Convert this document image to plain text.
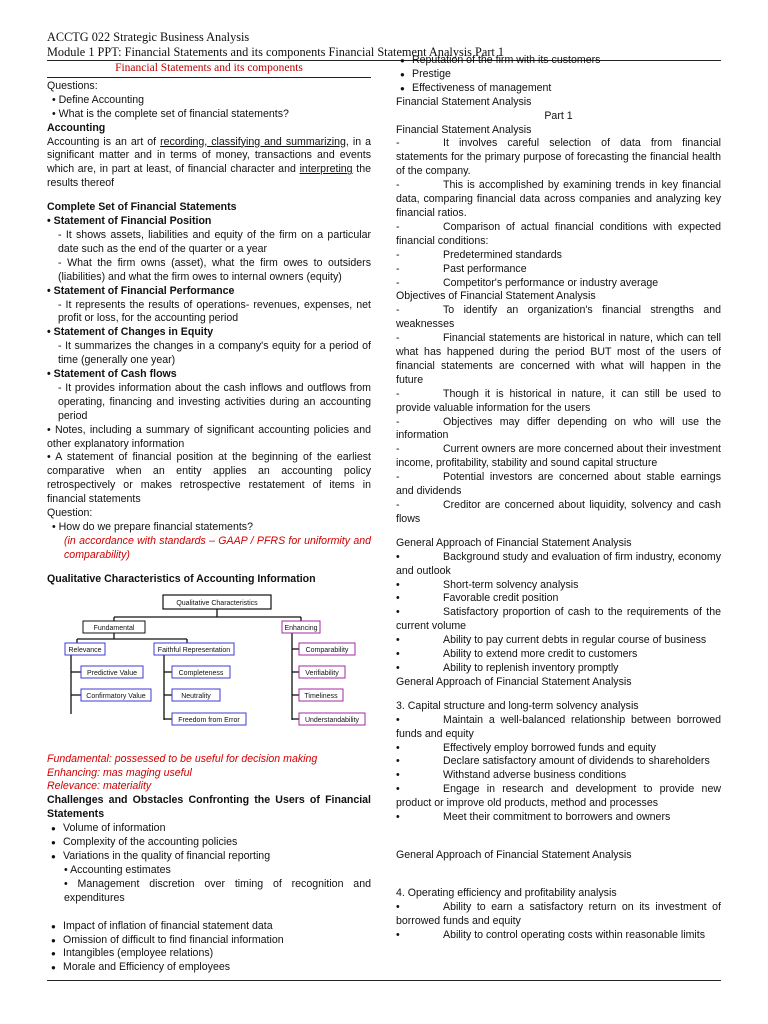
ACCTG 022 Strategic Business Analysis
Module 1 PPT: Financial Statements and its components Financial Statement Analysis Part 1
Financial Statements and its components
Questions:
• Define Accounting
• What is the complete set of financial statements?
Accounting
Accounting is an art of recording, classifying and summarizing, in a significant matter and in terms of money, transactions and events which are, in part at least, of financial character and interpreting the results thereof
Complete Set of Financial Statements
• Statement of Financial Position
- It shows assets, liabilities and equity of the firm on a particular date such as the end of the quarter or a year
- What the firm owns (asset), what the firm owes to outsiders (liabilities) and what the firm owes to internal owners (equity)
• Statement of Financial Performance
- It represents the results of operations- revenues, expenses, net profit or loss, for the accounting period
• Statement of Changes in Equity
- It summarizes the changes in a company's equity for a period of time (generally one year)
• Statement of Cash flows
- It provides information about the cash inflows and outflows from operating, financing and investing activities during an accounting period
• Notes, including a summary of significant accounting policies and other explanatory information
• A statement of financial position at the beginning of the earliest comparative when an entity applies an accounting policy retrospectively or makes retrospective restatement of items in financial statements
Question:
• How do we prepare financial statements?
(in accordance with standards – GAAP / PFRS for uniformity and comparability)
Qualitative Characteristics of Accounting Information
Qualitative Characteristics
Fundamental	Enhancing
Relevance	Faithful Representation
Predictive Value
Confirmatory Value
Completeness
Neutrality
Freedom from Error
Comparability
Verifiability
Timeliness
Understandability
Fundamental: possessed to be useful for decision making
Enhancing: mas maging useful
Relevance: materiality
Challenges and Obstacles Confronting the Users of Financial Statements
● Volume of information
● Complexity of the accounting policies
● Variations in the quality of financial reporting
• Accounting estimates
• Management discretion over timing of recognition and expenditures
● Impact of inflation of financial statement data
● Omission of difficult to find financial information
● Intangibles (employee relations)
● Morale and Efficiency of employees
● Reputation of the firm with its customers
● Prestige
● Effectiveness of management
Financial Statement Analysis
Part 1
Financial Statement Analysis
-	It involves careful selection of data from financial statements for the primary purpose of forecasting the financial health of the company.
-	This is accomplished by examining trends in key financial data, comparing financial data across companies and analyzing key financial ratios.
-	Comparison of actual financial conditions with expected financial conditions:
-	Predetermined standards
-	Past performance
-	Competitor's performance or industry average
Objectives of Financial Statement Analysis
-	To identify an organization's financial strengths and weaknesses
-	Financial statements are historical in nature, which can tell what has happened during the period BUT most of the users of financial statements are concerned with what will happen in the future
-	Though it is historical in nature, it can still be used to provide valuable information for the users
-	Objectives may differ depending on who will use the information
-	Current owners are more concerned about their investment income, profitability, stability and sound capital structure
-	Potential investors are concerned about stable earnings and dividends
-	Creditor are concerned about liquidity, solvency and cash flows
General Approach of Financial Statement Analysis
•	Background study and evaluation of firm industry, economy and outlook
•	Short-term solvency analysis
•	Favorable credit position
•	Satisfactory proportion of cash to the requirements of the current volume
•	Ability to pay current debts in regular course of business
•	Ability to extend more credit to customers
•	Ability to replenish inventory promptly
General Approach of Financial Statement Analysis
3. Capital structure and long-term solvency analysis
•	Maintain a well-balanced relationship between borrowed funds and equity
•	Effectively employ borrowed funds and equity
•	Declare satisfactory amount of dividends to shareholders
•	Withstand adverse business conditions
•	Engage in research and development to provide new product or improve old products, method and processes
•	Meet their commitment to borrowers and owners
General Approach of Financial Statement Analysis
4. Operating efficiency and profitability analysis
•	Ability to earn a satisfactory return on its investment of borrowed funds and equity
•	Ability to control operating costs within reasonable limits
